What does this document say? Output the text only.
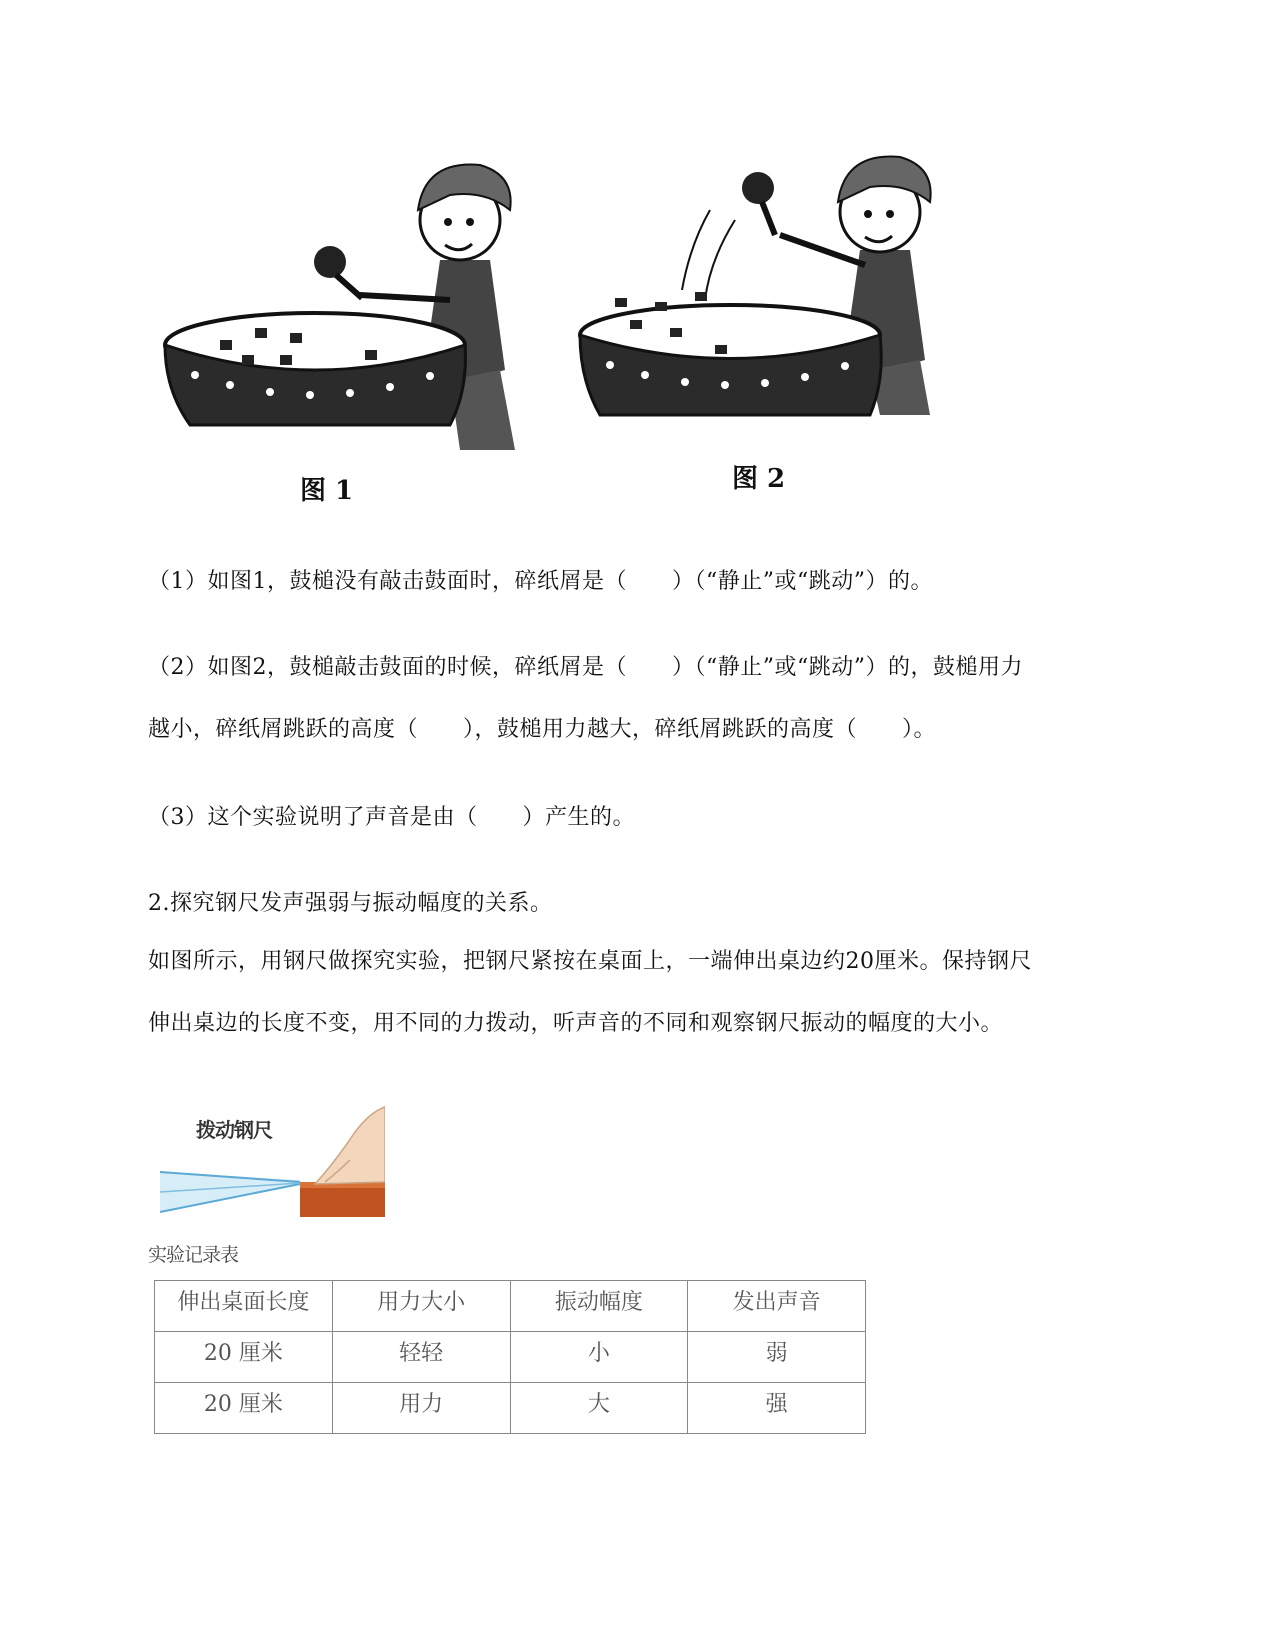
图 1	图 2
（1）如图1，鼓槌没有敲击鼓面时，碎纸屑是（　　）（“静止”或“跳动”）的。
（2）如图2，鼓槌敲击鼓面的时候，碎纸屑是（　　）（“静止”或“跳动”）的，鼓槌用力
越小，碎纸屑跳跃的高度（　　），鼓槌用力越大，碎纸屑跳跃的高度（　　）。
（3）这个实验说明了声音是由（　　）产生的。
2.探究钢尺发声强弱与振动幅度的关系。
如图所示，用钢尺做探究实验，把钢尺紧按在桌面上，一端伸出桌边约20厘米。保持钢尺
伸出桌边的长度不变，用不同的力拨动，听声音的不同和观察钢尺振动的幅度的大小。
拨动钢尺
实验记录表
伸出桌面长度	用力大小	振动幅度	发出声音
20 厘米	轻轻	小	弱
20 厘米	用力	大	强
